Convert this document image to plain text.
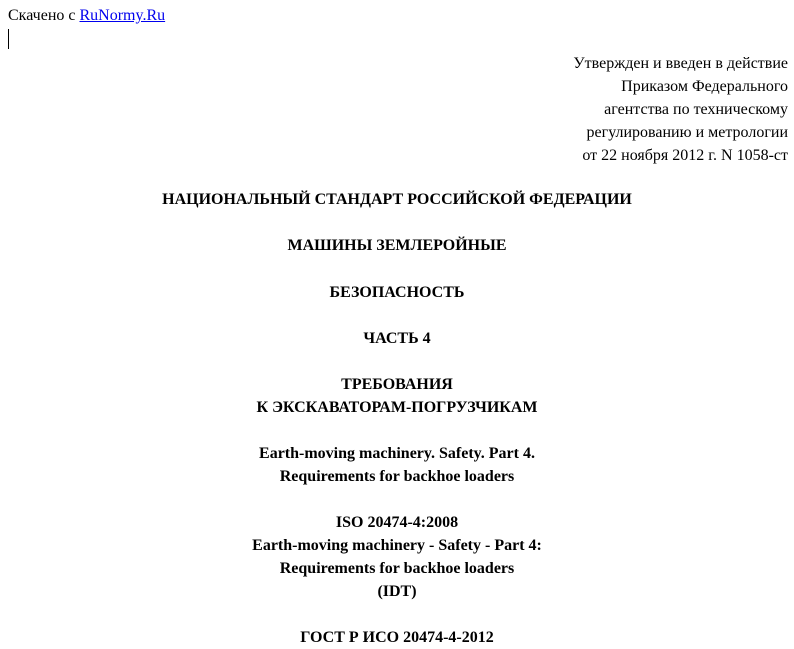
Скачено с RuNormy.Ru
Утвержден и введен в действие
Приказом Федерального
агентства по техническому
регулированию и метрологии
от 22 ноября 2012 г. N 1058-ст
НАЦИОНАЛЬНЫЙ СТАНДАРТ РОССИЙСКОЙ ФЕДЕРАЦИИ
МАШИНЫ ЗЕМЛЕРОЙНЫЕ
БЕЗОПАСНОСТЬ
ЧАСТЬ 4
ТРЕБОВАНИЯ
К ЭКСКАВАТОРАМ-ПОГРУЗЧИКАМ
Earth-moving machinery. Safety. Part 4.
Requirements for backhoe loaders
ISO 20474-4:2008
Earth-moving machinery - Safety - Part 4:
Requirements for backhoe loaders
(IDT)
ГОСТ Р ИСО 20474-4-2012
